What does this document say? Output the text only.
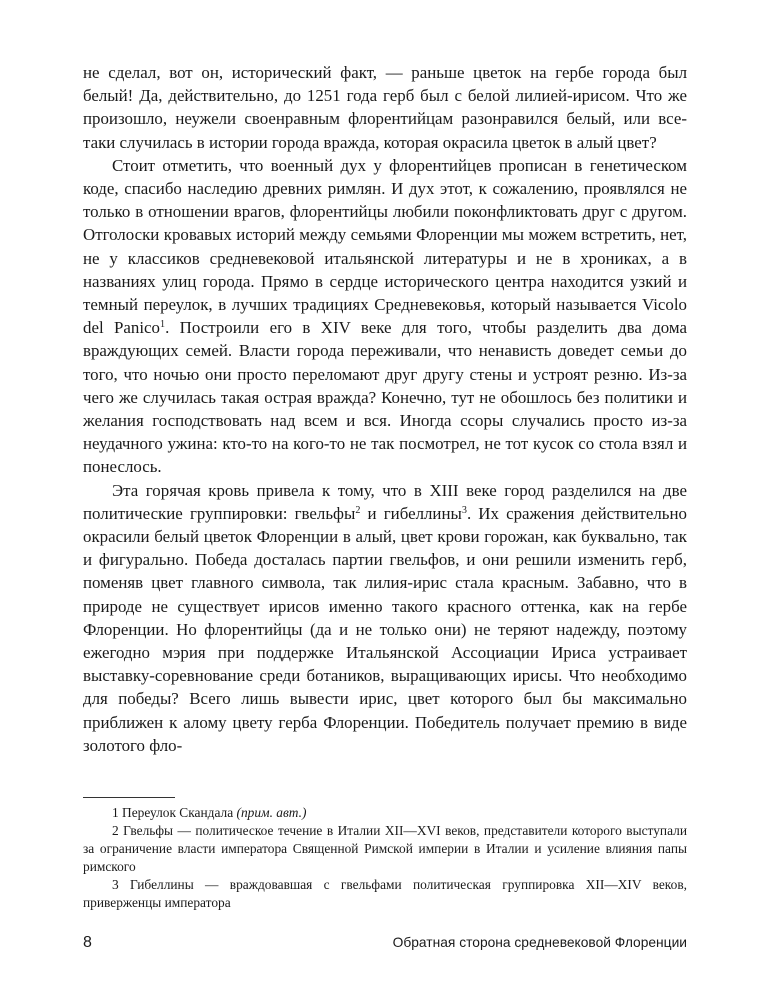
не сделал, вот он, исторический факт, — раньше цветок на гербе города был белый! Да, действительно, до 1251 года герб был с белой лилией-ирисом. Что же произошло, неужели своенравным флорентийцам разонравился белый, или все-таки случилась в истории города вражда, которая окрасила цветок в алый цвет?

Стоит отметить, что военный дух у флорентийцев прописан в генетическом коде, спасибо наследию древних римлян. И дух этот, к сожалению, проявлялся не только в отношении врагов, флорентийцы любили поконфликтовать друг с другом. Отголоски кровавых историй между семьями Флоренции мы можем встретить, нет, не у классиков средневековой итальянской литературы и не в хрониках, а в названиях улиц города. Прямо в сердце исторического центра находится узкий и темный переулок, в лучших традициях Средневековья, который называется Vicolo del Panico$^1$. Построили его в XIV веке для того, чтобы разделить два дома враждующих семей. Власти города переживали, что ненависть доведет семьи до того, что ночью они просто переломают друг другу стены и устроят резню. Из-за чего же случилась такая острая вражда? Конечно, тут не обошлось без политики и желания господствовать над всем и вся. Иногда ссоры случались просто из-за неудачного ужина: кто-то на кого-то не так посмотрел, не тот кусок со стола взял и понеслось.

Эта горячая кровь привела к тому, что в XIII веке город разделился на две политические группировки: гвельфы$^2$ и гибеллины$^3$. Их сражения действительно окрасили белый цветок Флоренции в алый, цвет крови горожан, как буквально, так и фигурально. Победа досталась партии гвельфов, и они решили изменить герб, поменяв цвет главного символа, так лилия-ирис стала красным. Забавно, что в природе не существует ирисов именно такого красного оттенка, как на гербе Флоренции. Но флорентийцы (да и не только они) не теряют надежду, поэтому ежегодно мэрия при поддержке Итальянской Ассоциации Ириса устраивает выставку-соревнование среди ботаников, выращивающих ирисы. Что необходимо для победы? Всего лишь вывести ирис, цвет которого был бы максимально приближен к алому цвету герба Флоренции. Победитель получает премию в виде золотого фло-

1 Переулок Скандала (прим. авт.)

2 Гвельфы — политическое течение в Италии XII—XVI веков, представители которого выступали за ограничение власти императора Священной Римской империи в Италии и усиление влияния папы римского

3 Гибеллины — враждовавшая с гвельфами политическая группировка XII—XIV веков, приверженцы императора

8	Обратная сторона средневековой Флоренции
